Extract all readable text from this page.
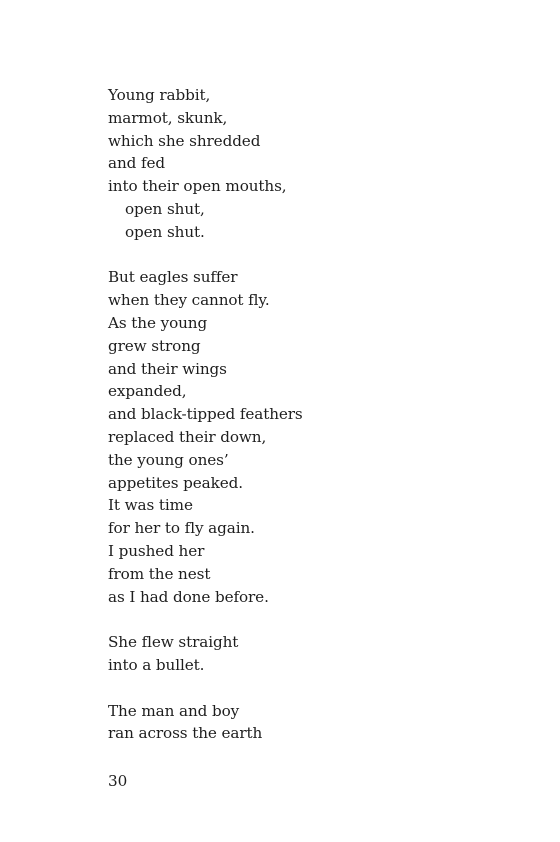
Young rabbit,
marmot, skunk,
which she shredded
and fed
into their open mouths,
open shut,
open shut.
But eagles suffer
when they cannot fly.
As the young
grew strong
and their wings
expanded,
and black-tipped feathers
replaced their down,
the young ones’
appetites peaked.
It was time
for her to fly again.
I pushed her
from the nest
as I had done before.
She flew straight
into a bullet.
The man and boy
ran across the earth
30
